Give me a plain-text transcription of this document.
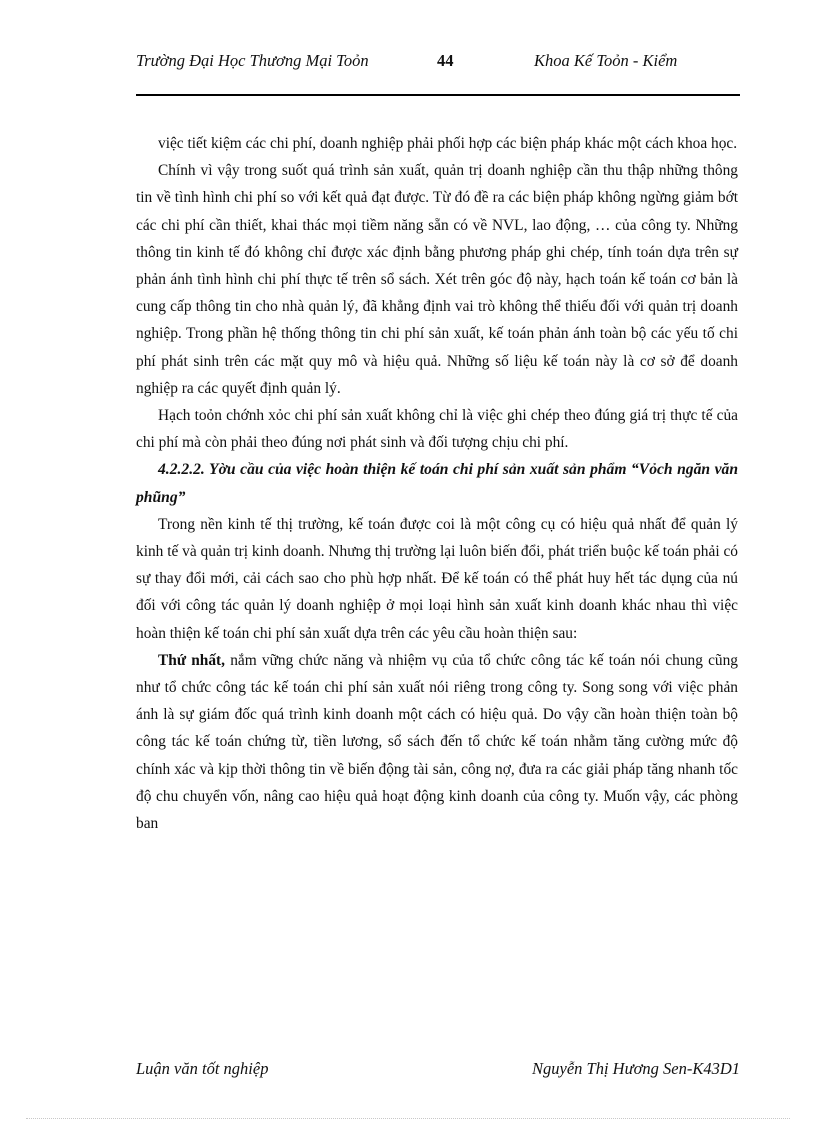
Trường Đại Học Thương Mại Toỏn	44	Khoa Kế Toỏn - Kiểm

việc tiết kiệm các chi phí, doanh nghiệp phải phối hợp các biện pháp khác một cách khoa học.

Chính vì vậy trong suốt quá trình sản xuất, quản trị doanh nghiệp cần thu thập những thông tin về tình hình chi phí so với kết quả đạt được. Từ đó đề ra các biện pháp không ngừng giảm bớt các chi phí cần thiết, khai thác mọi tiềm năng sẵn có về NVL, lao động, … của công ty. Những thông tin kinh tế đó không chỉ được xác định bằng phương pháp ghi chép, tính toán dựa trên sự phản ánh tình hình chi phí thực tế trên sổ sách. Xét trên góc độ này, hạch toán kế toán cơ bản là cung cấp thông tin cho nhà quản lý, đã khẳng định vai trò không thể thiếu đối với quản trị doanh nghiệp. Trong phần hệ thống thông tin chi phí sản xuất, kế toán phản ánh toàn bộ các yếu tố chi phí phát sinh trên các mặt quy mô và hiệu quả. Những số liệu kế toán này là cơ sở để doanh nghiệp ra các quyết định quản lý.

Hạch toỏn chớnh xỏc chi phí sản xuất không chỉ là việc ghi chép theo đúng giá trị thực tế của chi phí mà còn phải theo đúng nơi phát sinh và đối tượng chịu chi phí.

4.2.2.2. Yờu cầu của việc hoàn thiện kế toán chi phí sản xuất sản phẩm “Vỏch ngăn văn phũng”

Trong nền kinh tế thị trường, kế toán được coi là một công cụ có hiệu quả nhất để quản lý kinh tế và quản trị kinh doanh. Nhưng thị trường lại luôn biến đổi, phát triển buộc kế toán phải có sự thay đổi mới, cải cách sao cho phù hợp nhất. Để kế toán có thể phát huy hết tác dụng của nú đối với công tác quản lý doanh nghiệp ở mọi loại hình sản xuất kinh doanh khác nhau thì việc hoàn thiện kế toán chi phí sản xuất dựa trên các yêu cầu hoàn thiện sau:

Thứ nhất, nắm vững chức năng và nhiệm vụ của tổ chức công tác kế toán nói chung cũng như tổ chức công tác kế toán chi phí sản xuất nói riêng trong công ty. Song song với việc phản ánh là sự giám đốc quá trình kinh doanh một cách có hiệu quả. Do vậy cần hoàn thiện toàn bộ công tác kế toán chứng từ, tiền lương, sổ sách đến tổ chức kế toán nhằm tăng cường mức độ chính xác và kịp thời thông tin về biến động tài sản, công nợ, đưa ra các giải pháp tăng nhanh tốc độ chu chuyển vốn, nâng cao hiệu quả hoạt động kinh doanh của công ty. Muốn vậy, các phòng ban

Luận văn tốt nghiệp	Nguyễn Thị Hương Sen-K43D1
